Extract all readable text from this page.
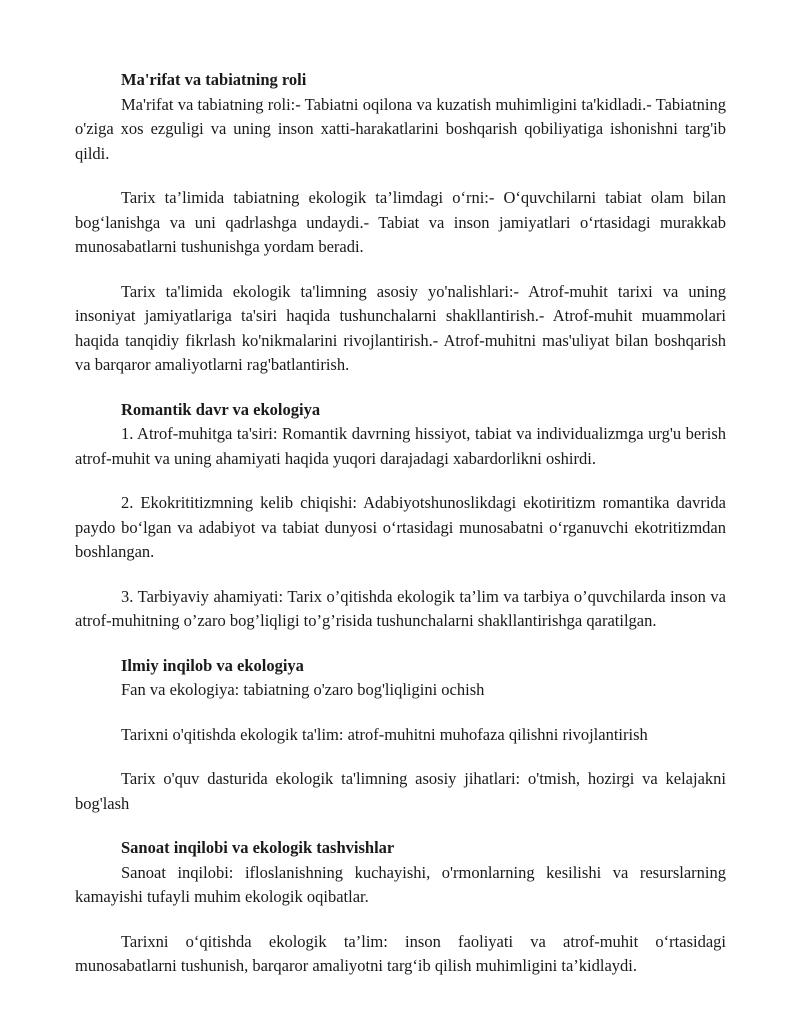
Ma'rifat va tabiatning roli

Ma'rifat va tabiatning roli:- Tabiatni oqilona va kuzatish muhimligini ta'kidladi.- Tabiatning o'ziga xos ezguligi va uning inson xatti-harakatlarini boshqarish qobiliyatiga ishonishni targ'ib qildi.

Tarix ta’limida tabiatning ekologik ta’limdagi o‘rni:- O‘quvchilarni tabiat olam bilan bog‘lanishga va uni qadrlashga undaydi.- Tabiat va inson jamiyatlari o‘rtasidagi murakkab munosabatlarni tushunishga yordam beradi.

Tarix ta'limida ekologik ta'limning asosiy yo'nalishlari:- Atrof-muhit tarixi va uning insoniyat jamiyatlariga ta'siri haqida tushunchalarni shakllantirish.- Atrof-muhit muammolari haqida tanqidiy fikrlash ko'nikmalarini rivojlantirish.- Atrof-muhitni mas'uliyat bilan boshqarish va barqaror amaliyotlarni rag'batlantirish.

Romantik davr va ekologiya

1. Atrof-muhitga ta'siri: Romantik davrning hissiyot, tabiat va individualizmga urg'u berish atrof-muhit va uning ahamiyati haqida yuqori darajadagi xabardorlikni oshirdi.

2. Ekokrititizmning kelib chiqishi: Adabiyotshunoslikdagi ekotiritizm romantika davrida paydo bo‘lgan va adabiyot va tabiat dunyosi o‘rtasidagi munosabatni o‘rganuvchi ekotritizmdan boshlangan.

3. Tarbiyaviy ahamiyati: Tarix o’qitishda ekologik ta’lim va tarbiya o’quvchilarda inson va atrof-muhitning o’zaro bog’liqligi to’g’risida tushunchalarni shakllantirishga qaratilgan.

Ilmiy inqilob va ekologiya

Fan va ekologiya: tabiatning o'zaro bog'liqligini ochish

Tarixni o'qitishda ekologik ta'lim: atrof-muhitni muhofaza qilishni rivojlantirish

Tarix o'quv dasturida ekologik ta'limning asosiy jihatlari: o'tmish, hozirgi va kelajakni bog'lash

Sanoat inqilobi va ekologik tashvishlar

Sanoat inqilobi: ifloslanishning kuchayishi, o'rmonlarning kesilishi va resurslarning kamayishi tufayli muhim ekologik oqibatlar.

Tarixni o‘qitishda ekologik ta’lim: inson faoliyati va atrof-muhit o‘rtasidagi munosabatlarni tushunish, barqaror amaliyotni targ‘ib qilish muhimligini ta’kidlaydi.
